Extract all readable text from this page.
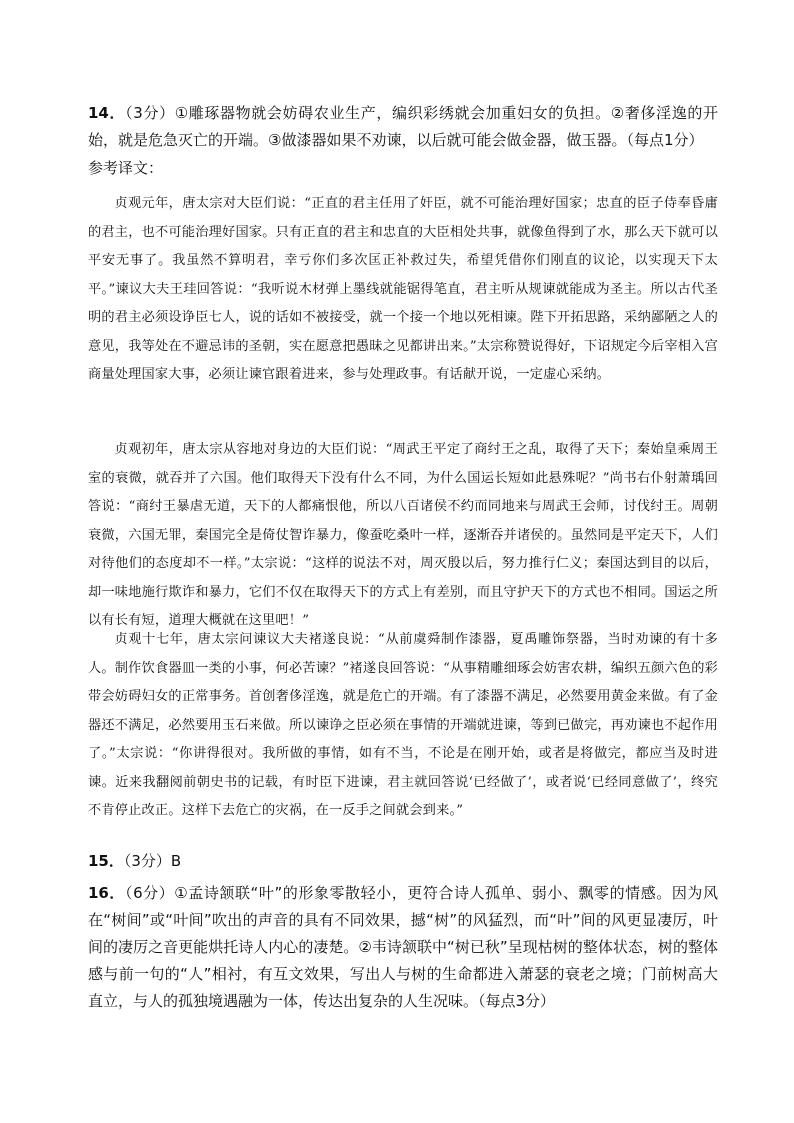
14．（3分）①雕琢器物就会妨碍农业生产，编织彩绣就会加重妇女的负担。②奢侈淫逸的开始，就是危急灭亡的开端。③做漆器如果不劝谏，以后就可能会做金器，做玉器。（每点1分）
参考译文：
贞观元年，唐太宗对大臣们说：“正直的君主任用了奸臣，就不可能治理好国家；忠直的臣子侍奉昏庸的君主，也不可能治理好国家。只有正直的君主和忠直的大臣相处共事，就像鱼得到了水，那么天下就可以平安无事了。我虽然不算明君，幸亏你们多次匡正补救过失，希望凭借你们刚直的议论，以实现天下太平。”谏议大夫王珪回答说：“我听说木材弹上墨线就能锯得笔直，君主听从规谏就能成为圣主。所以古代圣明的君主必须设诤臣七人，说的话如不被接受，就一个接一个地以死相谏。陛下开拓思路，采纳鄙陋之人的意见，我等处在不避忌讳的圣朝，实在愿意把愚昧之见都讲出来。”太宗称赞说得好，下诏规定今后宰相入宫商量处理国家大事，必须让谏官跟着进来，参与处理政事。有话献开说，一定虚心采纳。
贞观初年，唐太宗从容地对身边的大臣们说：“周武王平定了商纣王之乱，取得了天下；秦始皇乘周王室的衰微，就吞并了六国。他们取得天下没有什么不同，为什么国运长短如此悬殊呢？”尚书右仆射萧瑀回答说：“商纣王暴虐无道，天下的人都痛恨他，所以八百诸侯不约而同地来与周武王会师，讨伐纣王。周朝衰微，六国无罪，秦国完全是倚仗智诈暴力，像蚕吃桑叶一样，逐渐吞并诸侯的。虽然同是平定天下，人们对待他们的态度却不一样。”太宗说：“这样的说法不对，周灭殷以后，努力推行仁义；秦国达到目的以后，却一味地施行欺诈和暴力，它们不仅在取得天下的方式上有差别，而且守护天下的方式也不相同。国运之所以有长有短，道理大概就在这里吧！”
贞观十七年，唐太宗问谏议大夫褚遂良说：“从前虞舜制作漆器，夏禹雕饰祭器，当时劝谏的有十多人。制作饮食器皿一类的小事，何必苦谏？”褚遂良回答说：“从事精雕细琢会妨害农耕，编织五颜六色的彩带会妨碍妇女的正常事务。首创奢侈淫逸，就是危亡的开端。有了漆器不满足，必然要用黄金来做。有了金器还不满足，必然要用玉石来做。所以谏诤之臣必须在事情的开端就进谏，等到已做完，再劝谏也不起作用了。”太宗说：“你讲得很对。我所做的事情，如有不当，不论是在刚开始，或者是将做完，都应当及时进谏。近来我翻阅前朝史书的记载，有时臣下进谏，君主就回答说‘已经做了’，或者说‘已经同意做了’，终究不肯停止改正。这样下去危亡的灾祸，在一反手之间就会到来。”
15．（3分）B
16．（6分）①孟诗颔联“叶”的形象零散轻小，更符合诗人孤单、弱小、飘零的情感。因为风在“树间”或“叶间”吹出的声音的具有不同效果，撼“树”的风猛烈，而“叶”间的风更显凄厉，叶间的凄厉之音更能烘托诗人内心的凄楚。②韦诗颔联中“树已秋”呈现枯树的整体状态，树的整体感与前一句的“人”相衬，有互文效果，写出人与树的生命都进入萧瑟的衰老之境；门前树高大直立，与人的孤独境遇融为一体，传达出复杂的人生况味。（每点3分）
